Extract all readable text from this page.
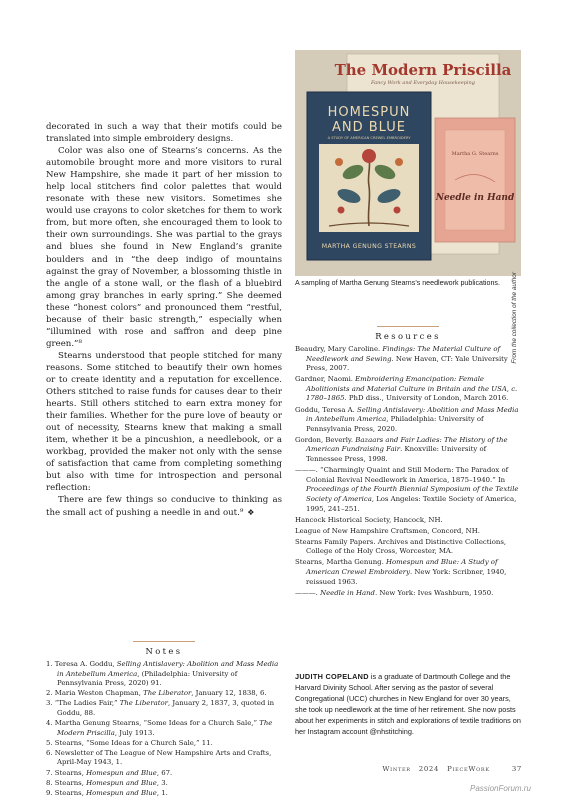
decorated in such a way that their motifs could be translated into simple embroidery designs.

Color was also one of Stearns’s concerns. As the automobile brought more and more visitors to rural New Hampshire, she made it part of her mission to help local stitchers find color palettes that would resonate with these new visitors. Sometimes she would use crayons to color sketches for them to work from, but more often, she encouraged them to look to their own surroundings. She was partial to the grays and blues she found in New England’s granite boulders and in “the deep indigo of mountains against the gray of November, a blossoming thistle in the angle of a stone wall, or the flash of a bluebird among gray branches in early spring.” She deemed these “honest colors” and pronounced them “restful, because of their basic strength,” especially when “illumined with rose and saffron and deep pine green.”⁸

Stearns understood that people stitched for many reasons. Some stitched to beautify their own homes or to create identity and a reputation for excellence. Others stitched to raise funds for causes dear to their hearts. Still others stitched to earn extra money for their families. Whether for the pure love of beauty or out of necessity, Stearns knew that making a small item, whether it be a pincushion, a needlebook, or a workbag, provided the maker not only with the sense of satisfaction that came from completing something but also with time for introspection and personal reflection:

There are few things so conducive to thinking as the small act of pushing a needle in and out.⁹ ❖

Notes
1. Teresa A. Goddu, Selling Antislavery: Abolition and Mass Media in Antebellum America, (Philadelphia: University of Pennsylvania Press, 2020) 91.
2. Maria Weston Chapman, The Liberator, January 12, 1838, 6.
3. “The Ladies Fair,” The Liberator, January 2, 1837, 3, quoted in Goddu, 88.
4. Martha Genung Stearns, “Some Ideas for a Church Sale,” The Modern Priscilla, July 1913.
5. Stearns, “Some Ideas for a Church Sale,” 11.
6. Newsletter of The League of New Hampshire Arts and Crafts, April-May 1943, 1.
7. Stearns, Homespun and Blue, 67.
8. Stearns, Homespun and Blue, 3.
9. Stearns, Homespun and Blue, 1.
The Modern Priscilla
Fancy Work and Everyday Housekeeping
HOMESPUN
AND BLUE
A STUDY OF AMERICAN CREWEL EMBROIDERY
MARTHA GENUNG STEARNS
Martha G. Stearns
Needle in Hand
From the collection of the author
A sampling of Martha Genung Stearns’s needlework publications.
Resources
Beaudry, Mary Caroline. Findings: The Material Culture of Needlework and Sewing. New Haven, CT: Yale University Press, 2007.
Gardner, Naomi. Embroidering Emancipation: Female Abolitionists and Material Culture in Britain and the USA, c. 1780–1865. PhD diss., University of London, March 2016.
Goddu, Teresa A. Selling Antislavery: Abolition and Mass Media in Antebellum America, Philadelphia: University of Pennsylvania Press, 2020.
Gordon, Beverly. Bazaars and Fair Ladies: The History of the American Fundraising Fair. Knoxville: University of Tennessee Press, 1998.
———. “Charmingly Quaint and Still Modern: The Paradox of Colonial Revival Needlework in America, 1875–1940.” In Proceedings of the Fourth Biennial Symposium of the Textile Society of America, Los Angeles: Textile Society of America, 1995, 241–251.
Hancock Historical Society, Hancock, NH.
League of New Hampshire Craftsmen, Concord, NH.
Stearns Family Papers. Archives and Distinctive Collections, College of the Holy Cross, Worcester, MA.
Stearns, Martha Genung. Homespun and Blue: A Study of American Crewel Embroidery. New York: Scribner, 1940, reissued 1963.
———. Needle in Hand. New York: Ives Washburn, 1950.
JUDITH COPELAND is a graduate of Dartmouth College and the Harvard Divinity School. After serving as the pastor of several Congregational (UCC) churches in New England for over 30 years, she took up needlework at the time of her retirement. She now posts about her experiments in stitch and explorations of textile traditions on her Instagram account @nhstitching.
Winter 2024 PieceWork	37
PassionForum.ru
